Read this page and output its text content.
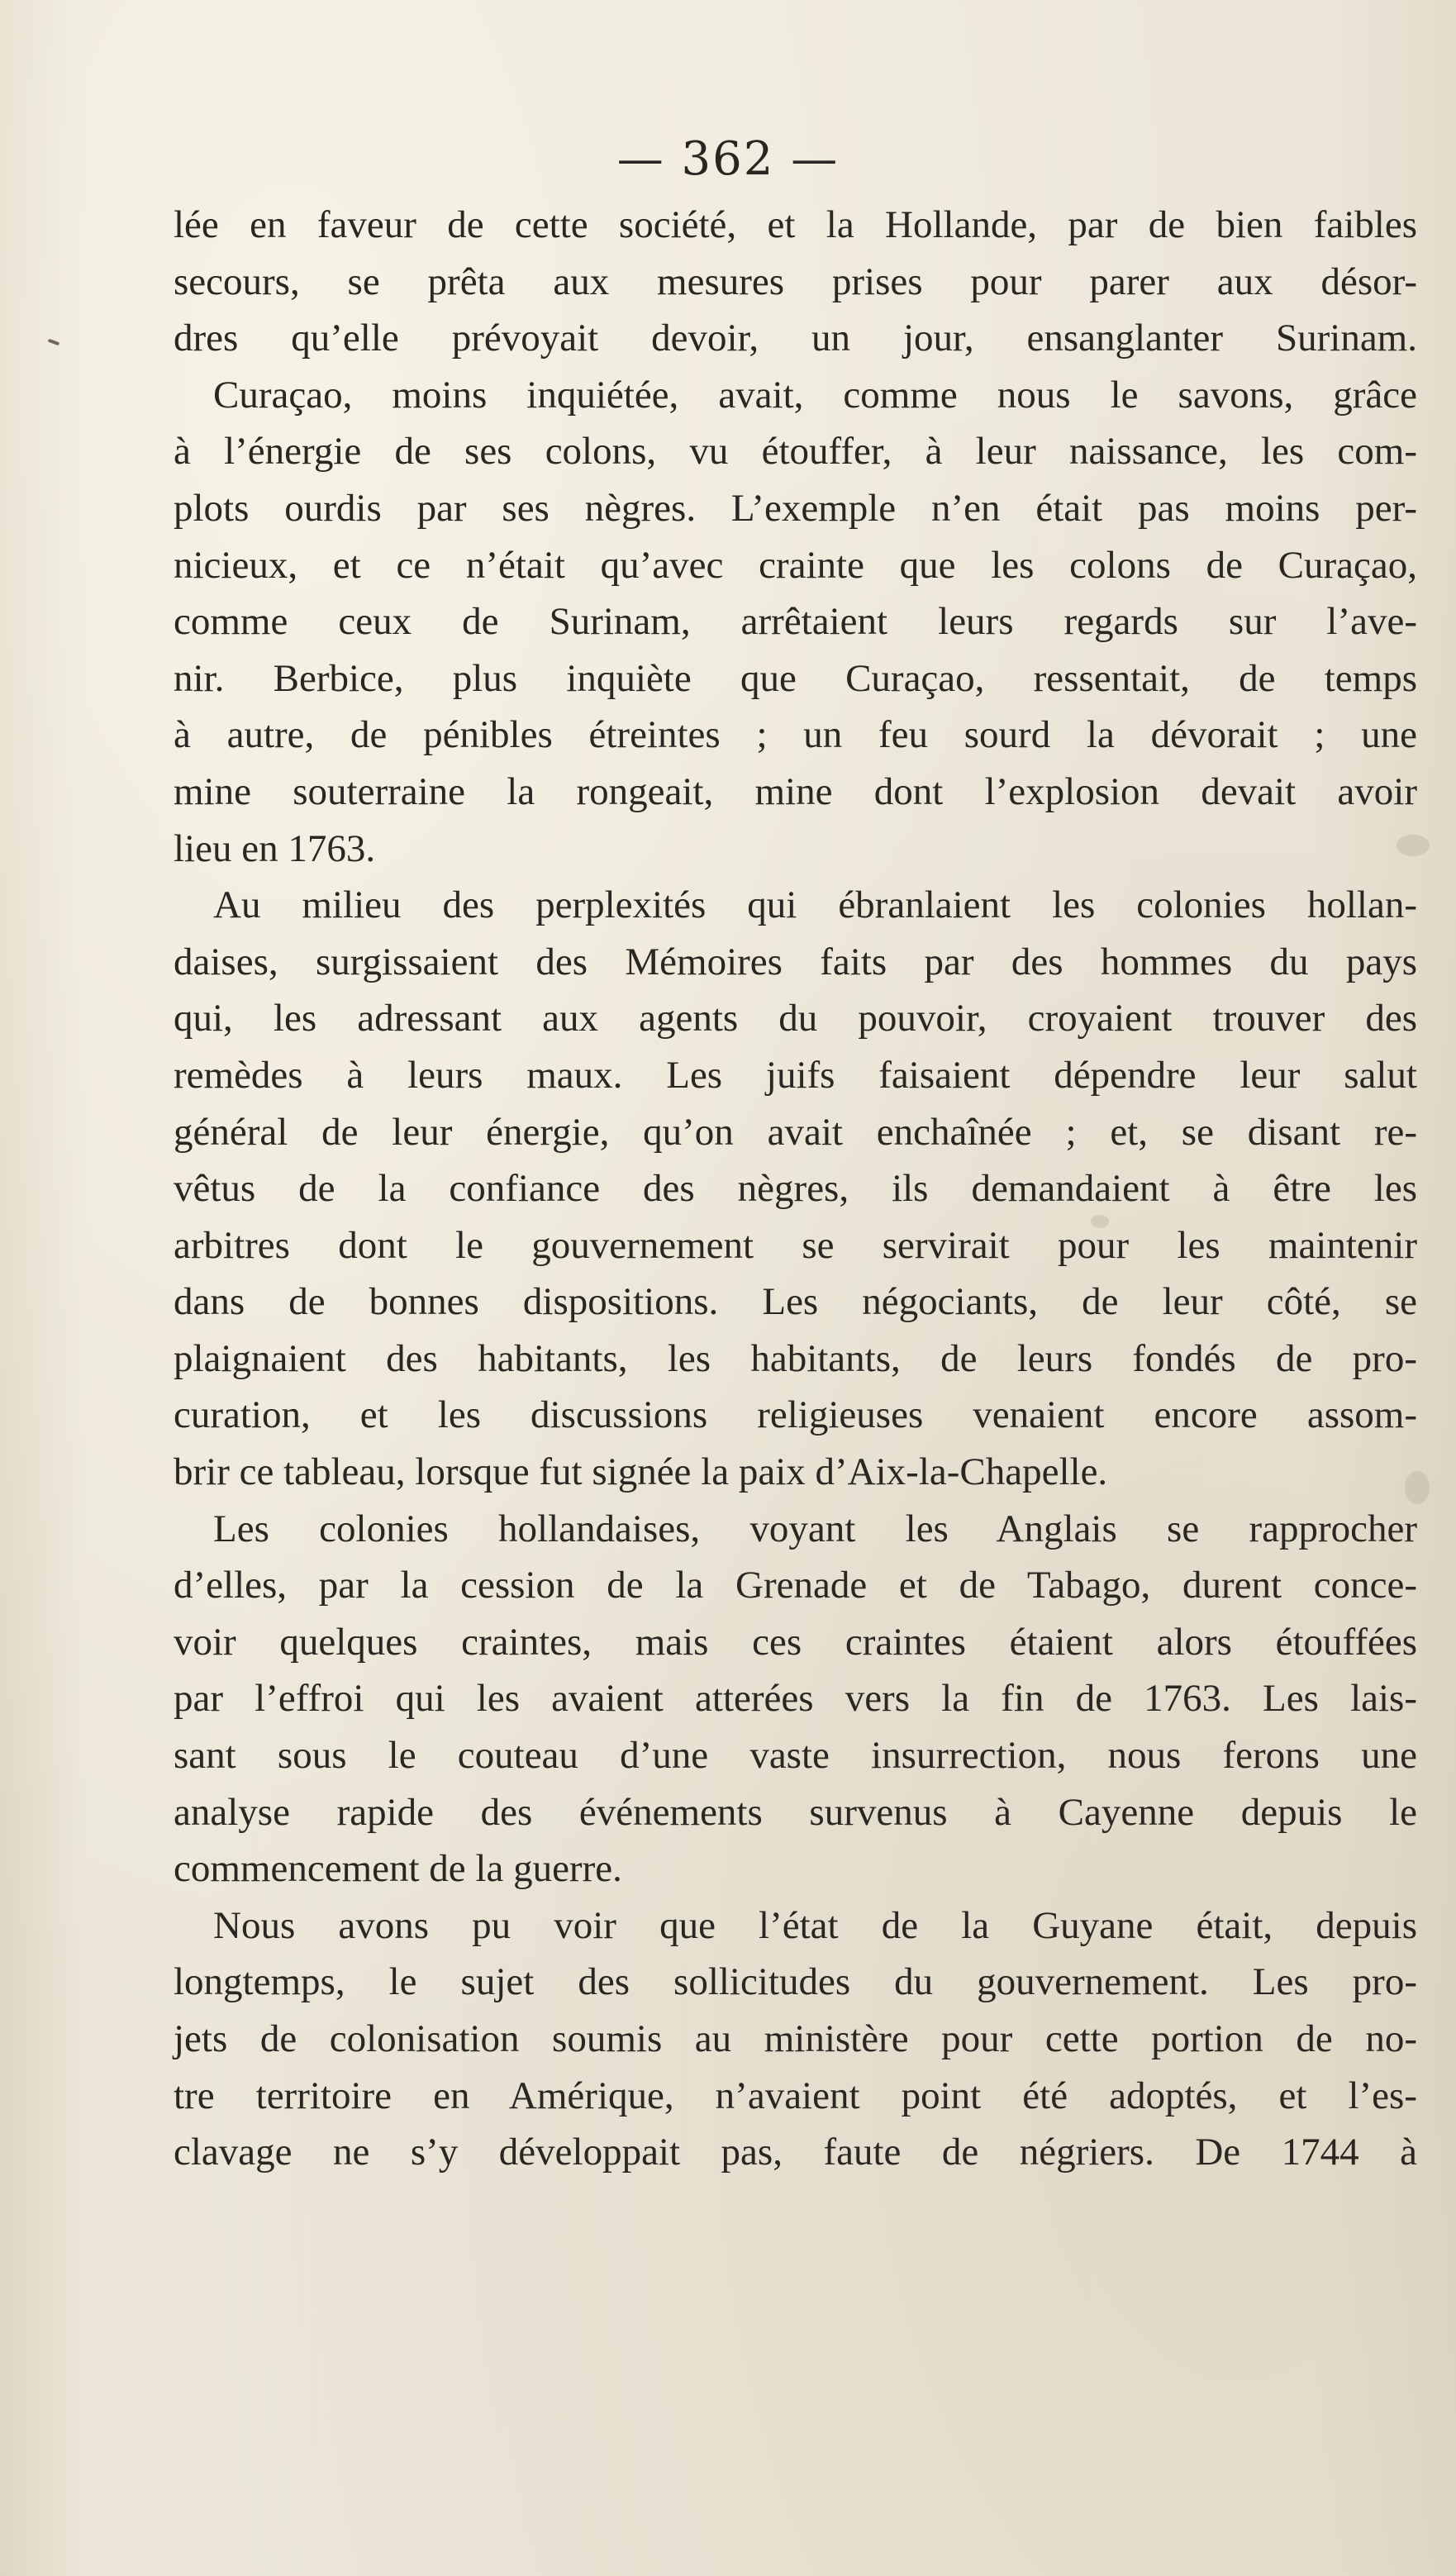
— 362 —
lée en faveur de cette société, et la Hollande, par de bien faibles
secours, se prêta aux mesures prises pour parer aux désor-
dres qu’elle prévoyait devoir, un jour, ensanglanter Surinam.
Curaçao, moins inquiétée, avait, comme nous le savons, grâce
à l’énergie de ses colons, vu étouffer, à leur naissance, les com-
plots ourdis par ses nègres. L’exemple n’en était pas moins per-
nicieux, et ce n’était qu’avec crainte que les colons de Curaçao,
comme ceux de Surinam, arrêtaient leurs regards sur l’ave-
nir. Berbice, plus inquiète que Curaçao, ressentait, de temps
à autre, de pénibles étreintes ; un feu sourd la dévorait ; une
mine souterraine la rongeait, mine dont l’explosion devait avoir
lieu en 1763.
Au milieu des perplexités qui ébranlaient les colonies hollan-
daises, surgissaient des Mémoires faits par des hommes du pays
qui, les adressant aux agents du pouvoir, croyaient trouver des
remèdes à leurs maux. Les juifs faisaient dépendre leur salut
général de leur énergie, qu’on avait enchaînée ; et, se disant re-
vêtus de la confiance des nègres, ils demandaient à être les
arbitres dont le gouvernement se servirait pour les maintenir
dans de bonnes dispositions. Les négociants, de leur côté, se
plaignaient des habitants, les habitants, de leurs fondés de pro-
curation, et les discussions religieuses venaient encore assom-
brir ce tableau, lorsque fut signée la paix d’Aix-la-Chapelle.
Les colonies hollandaises, voyant les Anglais se rapprocher
d’elles, par la cession de la Grenade et de Tabago, durent conce-
voir quelques craintes, mais ces craintes étaient alors étouffées
par l’effroi qui les avaient atterées vers la fin de 1763. Les lais-
sant sous le couteau d’une vaste insurrection, nous ferons une
analyse rapide des événements survenus à Cayenne depuis le
commencement de la guerre.
Nous avons pu voir que l’état de la Guyane était, depuis
longtemps, le sujet des sollicitudes du gouvernement. Les pro-
jets de colonisation soumis au ministère pour cette portion de no-
tre territoire en Amérique, n’avaient point été adoptés, et l’es-
clavage ne s’y développait pas, faute de négriers. De 1744 à
